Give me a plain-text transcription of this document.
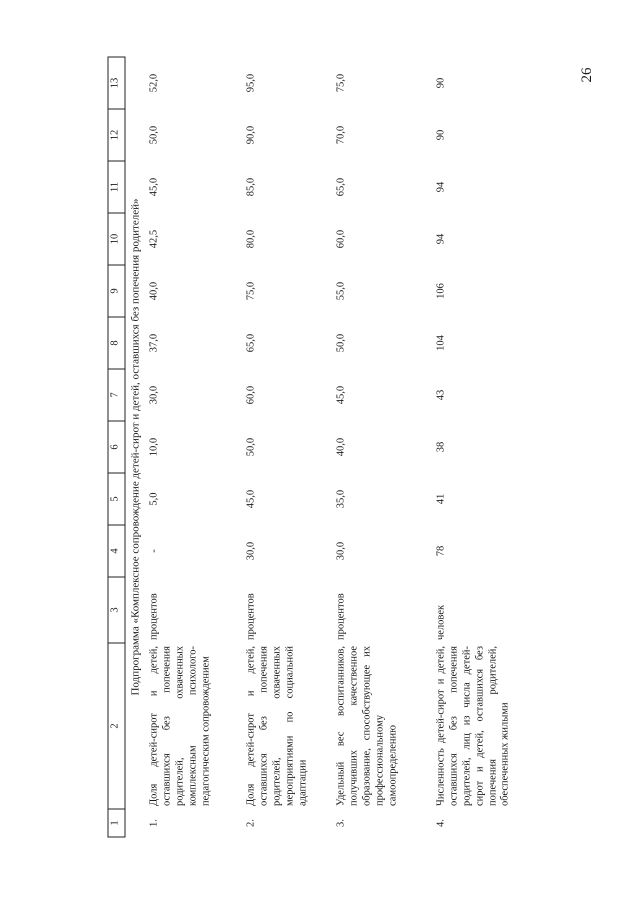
26
1	2	3	4	5	6	7	8	9	10	11	12	13
Подпрограмма «Комплексное сопровождение детей-сирот и детей, оставшихся без попечения родителей»												
1.	Доля детей-сирот и детей, оставшихся без попечения родителей, охваченных комплексным психолого-педагогическим сопровождением	процентов	-	5,0	10,0	30,0	37,0	40,0	42,5	45,0	50,0	52,0
2.	Доля детей-сирот и детей, оставшихся без попечения родителей, охваченных мероприятиями по социальной адаптации	процентов	30,0	45,0	50,0	60,0	65,0	75,0	80,0	85,0	90,0	95,0
3.	Удельный вес воспитанников, получивших качественное образование, способствующее их профессиональному самоопределению	процентов	30,0	35,0	40,0	45,0	50,0	55,0	60,0	65,0	70,0	75,0
4.	Численность детей-сирот и детей, оставшихся без попечения родителей, лиц из числа детей-сирот и детей, оставшихся без попечения родителей, обеспеченных жилыми	человек	78	41	38	43	104	106	94	94	90	90
